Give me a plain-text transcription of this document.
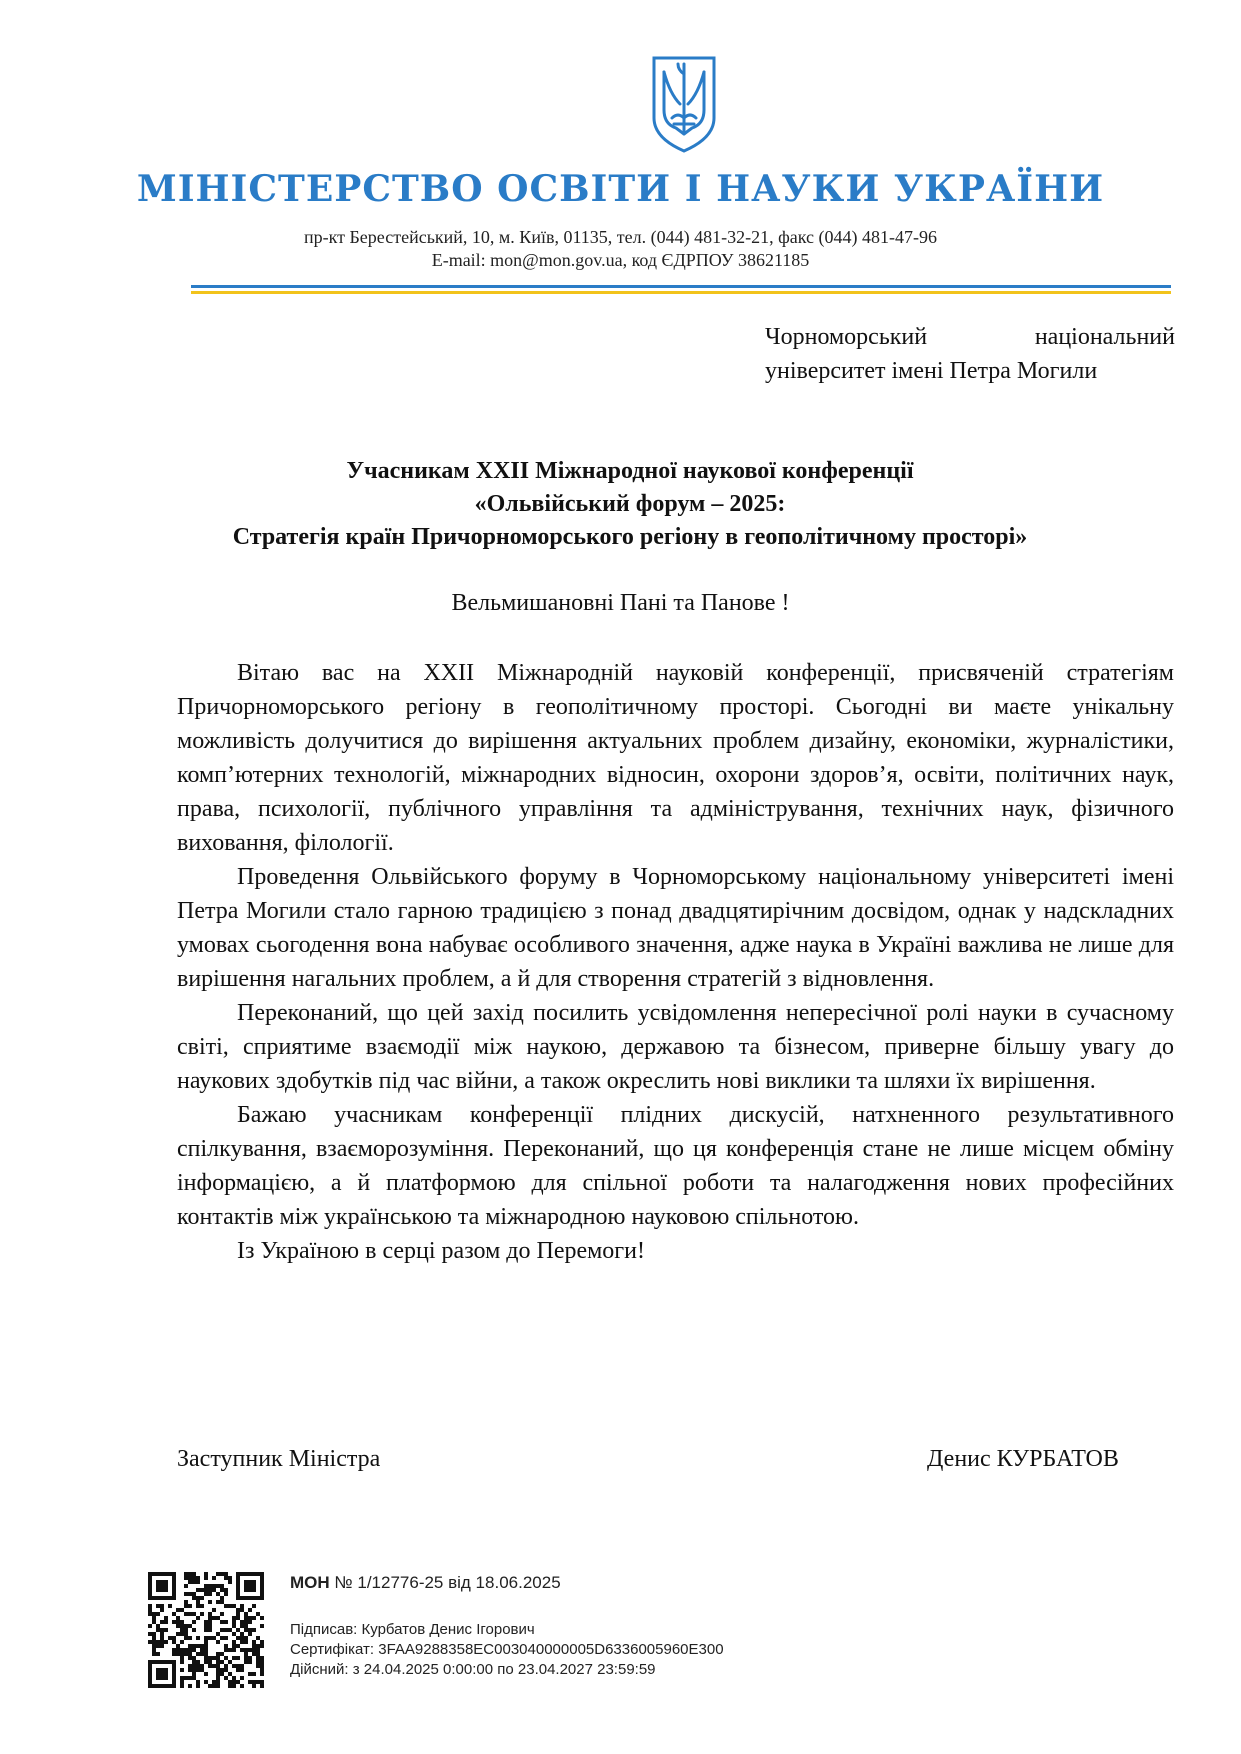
МІНІСТЕРСТВО ОСВІТИ І НАУКИ УКРАЇНИ
пр-кт Берестейський, 10, м. Київ, 01135, тел. (044) 481-32-21, факс (044) 481-47-96
E-mail: mon@mon.gov.ua, код ЄДРПОУ 38621185
Чорноморський національний
університет імені Петра Могили
Учасникам XXII Міжнародної наукової конференції
«Ольвійський форум – 2025:
Стратегія країн Причорноморського регіону в геополітичному просторі»
Вельмишановні Пані та Панове !

Вітаю вас на XXII Міжнародній науковій конференції, присвяченій стратегіям Причорноморського регіону в геополітичному просторі. Сьогодні ви маєте унікальну можливість долучитися до вирішення актуальних проблем дизайну, економіки, журналістики, комп’ютерних технологій, міжнародних відносин, охорони здоров’я, освіти, політичних наук, права, психології, публічного управління та адміністрування, технічних наук, фізичного виховання, філології.

Проведення Ольвійського форуму в Чорноморському національному університеті імені Петра Могили стало гарною традицією з понад двадцятирічним досвідом, однак у надскладних умовах сьогодення вона набуває особливого значення, адже наука в Україні важлива не лише для вирішення нагальних проблем, а й для створення стратегій з відновлення.

Переконаний, що цей захід посилить усвідомлення непересічної ролі науки в сучасному світі, сприятиме взаємодії між наукою, державою та бізнесом, приверне більшу увагу до наукових здобутків під час війни, а також окреслить нові виклики та шляхи їх вирішення.

Бажаю учасникам конференції плідних дискусій, натхненного результативного спілкування, взаєморозуміння. Переконаний, що ця конференція стане не лише місцем обміну інформацією, а й платформою для спільної роботи та налагодження нових професійних контактів між українською та міжнародною науковою спільнотою.

Із Україною в серці разом до Перемоги!

Заступник Міністра	Денис КУРБАТОВ
МОН № 1/12776-25 від 18.06.2025
Підписав: Курбатов Денис Ігорович
Сертифікат: 3FAA9288358EC003040000005D6336005960E300
Дійсний: з 24.04.2025 0:00:00 по 23.04.2027 23:59:59
